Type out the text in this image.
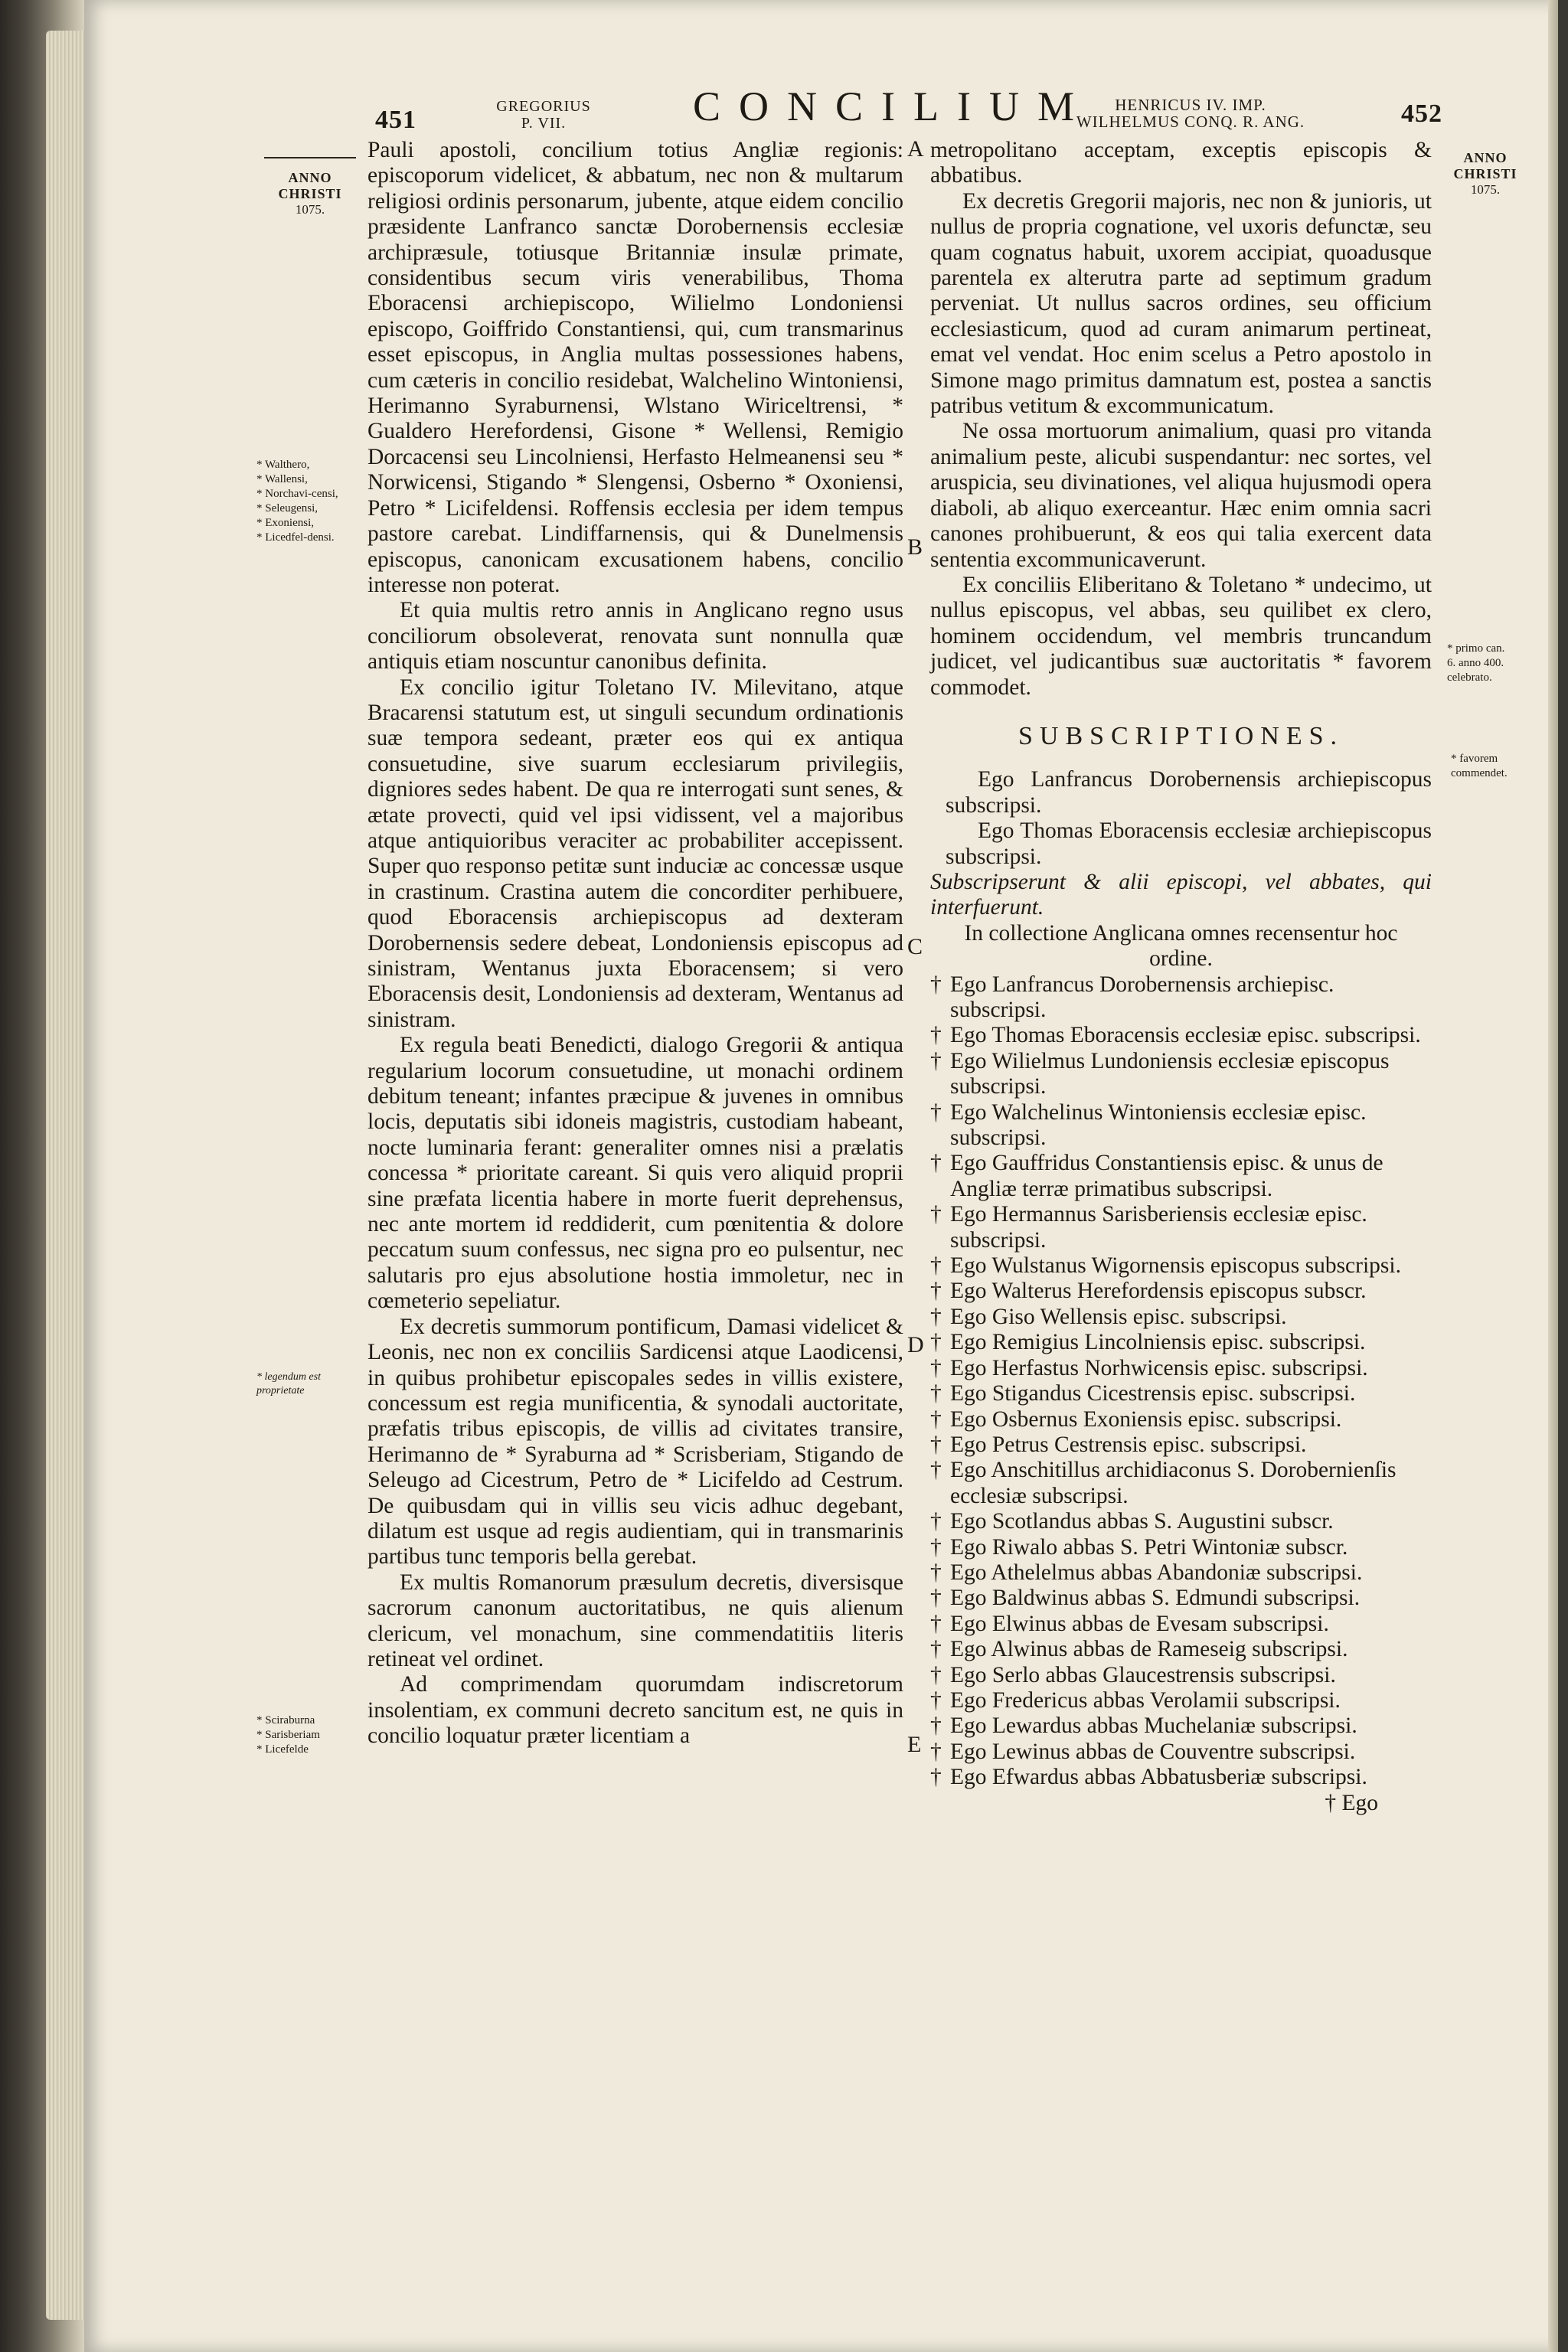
451	GREGORIUS
P. VII.	CONCILIUM	HENRICUS IV. IMP.
WILHELMUS CONQ. R. ANG.	452
ANNO
CHRISTI
1075.
* Walthero,
* Wallensi,
* Norchavi-censi,
* Seleugensi,
* Exoniensi,
* Licedfel-densi.
* legendum est proprietate
* Sciraburna
* Sarisberiam
* Licefelde
ANNO
CHRISTI
1075.
* primo can.
6. anno 400. celebrato.
* favorem commendet.
A
B
C
D
E

Pauli apostoli, concilium totius Angliæ regionis: episcoporum videlicet, & abbatum, nec non & multarum religiosi ordinis personarum, jubente, atque eidem concilio præsidente Lanfranco sanctæ Dorobernensis ecclesiæ archipræsule, totiusque Britanniæ insulæ primate, considentibus secum viris venerabilibus, Thoma Eboracensi archiepiscopo, Wilielmo Londoniensi episcopo, Goiffrido Constantiensi, qui, cum transmarinus esset episcopus, in Anglia multas possessiones habens, cum cæteris in concilio residebat, Walchelino Wintoniensi, Herimanno Syraburnensi, Wlstano Wiriceltrensi, * Gualdero Herefordensi, Gisone * Wellensi, Remigio Dorcacensi seu Lincolniensi, Herfasto Helmeanensi seu * Norwicensi, Stigando * Slengensi, Osberno * Oxoniensi, Petro * Licifeldensi. Roffensis ecclesia per idem tempus pastore carebat. Lindiffarnensis, qui & Dunelmensis episcopus, canonicam excusationem habens, concilio interesse non poterat.

Et quia multis retro annis in Anglicano regno usus conciliorum obsoleverat, renovata sunt nonnulla quæ antiquis etiam noscuntur canonibus definita.

Ex concilio igitur Toletano IV. Milevitano, atque Bracarensi statutum est, ut singuli secundum ordinationis suæ tempora sedeant, præter eos qui ex antiqua consuetudine, sive suarum ecclesiarum privilegiis, digniores sedes habent. De qua re interrogati sunt senes, & ætate provecti, quid vel ipsi vidissent, vel a majoribus atque antiquioribus veraciter ac probabiliter accepissent. Super quo responso petitæ sunt induciæ ac concessæ usque in crastinum. Crastina autem die concorditer perhibuere, quod Eboracensis archiepiscopus ad dexteram Dorobernensis sedere debeat, Londoniensis episcopus ad sinistram, Wentanus juxta Eboracensem; si vero Eboracensis desit, Londoniensis ad dexteram, Wentanus ad sinistram.

Ex regula beati Benedicti, dialogo Gregorii & antiqua regularium locorum consuetudine, ut monachi ordinem debitum teneant; infantes præcipue & juvenes in omnibus locis, deputatis sibi idoneis magistris, custodiam habeant, nocte luminaria ferant: generaliter omnes nisi a prælatis concessa * prioritate careant. Si quis vero aliquid proprii sine præfata licentia habere in morte fuerit deprehensus, nec ante mortem id reddiderit, cum pœnitentia & dolore peccatum suum confessus, nec signa pro eo pulsentur, nec salutaris pro ejus absolutione hostia immoletur, nec in cœmeterio sepeliatur.

Ex decretis summorum pontificum, Damasi videlicet & Leonis, nec non ex conciliis Sardicensi atque Laodicensi, in quibus prohibetur episcopales sedes in villis existere, concessum est regia munificentia, & synodali auctoritate, præfatis tribus episcopis, de villis ad civitates transire, Herimanno de * Syraburna ad * Scrisberiam, Stigando de Seleugo ad Cicestrum, Petro de * Licifeldo ad Cestrum. De quibusdam qui in villis seu vicis adhuc degebant, dilatum est usque ad regis audientiam, qui in transmarinis partibus tunc temporis bella gerebat.

Ex multis Romanorum præsulum decretis, diversisque sacrorum canonum auctoritatibus, ne quis alienum clericum, vel monachum, sine commendatitiis literis retineat vel ordinet.

Ad comprimendam quorumdam indiscretorum insolentiam, ex communi decreto sancitum est, ne quis in concilio loquatur præter licentiam a

metropolitano acceptam, exceptis episcopis & abbatibus.

Ex decretis Gregorii majoris, nec non & junioris, ut nullus de propria cognatione, vel uxoris defunctæ, seu quam cognatus habuit, uxorem accipiat, quoadusque parentela ex alterutra parte ad septimum gradum perveniat. Ut nullus sacros ordines, seu officium ecclesiasticum, quod ad curam animarum pertineat, emat vel vendat. Hoc enim scelus a Petro apostolo in Simone mago primitus damnatum est, postea a sanctis patribus vetitum & excommunicatum.

Ne ossa mortuorum animalium, quasi pro vitanda animalium peste, alicubi suspendantur: nec sortes, vel aruspicia, seu divinationes, vel aliqua hujusmodi opera diaboli, ab aliquo exerceantur. Hæc enim omnia sacri canones prohibuerunt, & eos qui talia exercent data sententia excommunicaverunt.

Ex conciliis Eliberitano & Toletano * undecimo, ut nullus episcopus, vel abbas, seu quilibet ex clero, hominem occidendum, vel membris truncandum judicet, vel judicantibus suæ auctoritatis * favorem commodet.

SUBSCRIPTIONES.

Ego Lanfrancus Dorobernensis archiepiscopus subscripsi.

Ego Thomas Eboracensis ecclesiæ archiepiscopus subscripsi.

Subscripserunt & alii episcopi, vel abbates, qui interfuerunt.

In collectione Anglicana omnes recensentur hoc ordine.

† Ego Lanfrancus Dorobernensis archiepisc. subscripsi.
† Ego Thomas Eboracensis ecclesiæ episc. subscripsi.
† Ego Wilielmus Lundoniensis ecclesiæ episcopus subscripsi.
† Ego Walchelinus Wintoniensis ecclesiæ episc. subscripsi.
† Ego Gauffridus Constantiensis episc. & unus de Angliæ terræ primatibus subscripsi.
† Ego Hermannus Sarisberiensis ecclesiæ episc. subscripsi.
† Ego Wulstanus Wigornensis episcopus subscripsi.
† Ego Walterus Herefordensis episcopus subscr.
† Ego Giso Wellensis episc. subscripsi.
† Ego Remigius Lincolniensis episc. subscripsi.
† Ego Herfastus Norhwicensis episc. subscripsi.
† Ego Stigandus Cicestrensis episc. subscripsi.
† Ego Osbernus Exoniensis episc. subscripsi.
† Ego Petrus Cestrensis episc. subscripsi.
† Ego Anschitillus archidiaconus S. Dorobernienſis ecclesiæ subscripsi.
† Ego Scotlandus abbas S. Augustini subscr.
† Ego Riwalo abbas S. Petri Wintoniæ subscr.
† Ego Athelelmus abbas Abandoniæ subscripsi.
† Ego Baldwinus abbas S. Edmundi subscripsi.
† Ego Elwinus abbas de Evesam subscripsi.
† Ego Alwinus abbas de Rameseig subscripsi.
† Ego Serlo abbas Glaucestrensis subscripsi.
† Ego Fredericus abbas Verolamii subscripsi.
† Ego Lewardus abbas Muchelaniæ subscripsi.
† Ego Lewinus abbas de Couventre subscripsi.
† Ego Efwardus abbas Abbatusberiæ subscripsi.
† Ego
